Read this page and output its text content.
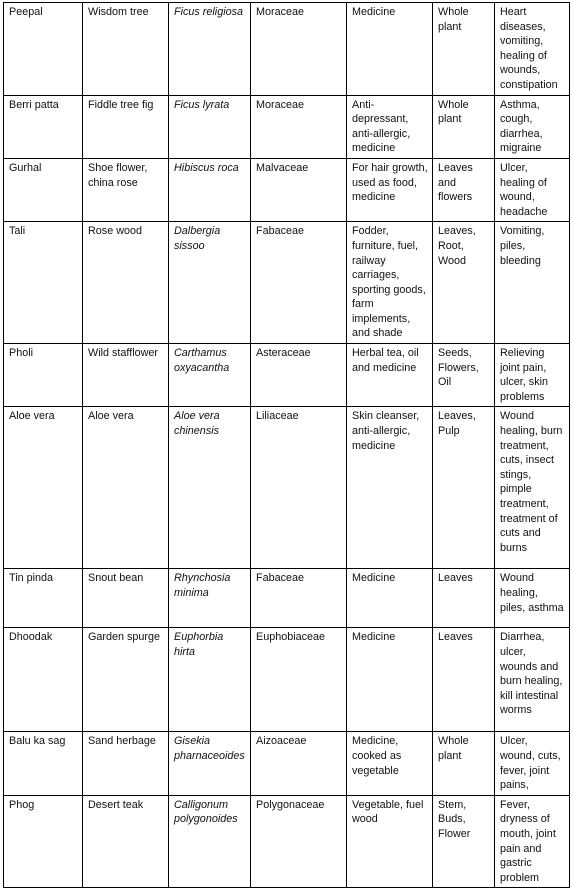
Peepal	Wisdom tree	Ficus religiosa	Moraceae	Medicine	Whole plant	Heart diseases, vomiting, healing of wounds, constipation
Berri patta	Fiddle tree fig	Ficus lyrata	Moraceae	Anti-depressant, anti-allergic, medicine	Whole plant	Asthma, cough, diarrhea, migraine
Gurhal	Shoe flower, china rose	Hibiscus roca	Malvaceae	For hair growth, used as food, medicine	Leaves and flowers	Ulcer, healing of wound, headache
Tali	Rose wood	Dalbergia sissoo	Fabaceae	Fodder, furniture, fuel, railway carriages, sporting goods, farm implements, and shade	Leaves, Root, Wood	Vomiting, piles, bleeding
Pholi	Wild stafflower	Carthamus oxyacantha	Asteraceae	Herbal tea, oil and medicine	Seeds, Flowers, Oil	Relieving joint pain, ulcer, skin problems
Aloe vera	Aloe vera	Aloe vera chinensis	Liliaceae	Skin cleanser, anti-allergic, medicine	Leaves, Pulp	Wound healing, burn treatment, cuts, insect stings, pimple treatment, treatment of cuts and burns
Tin pinda	Snout bean	Rhynchosia minima	Fabaceae	Medicine	Leaves	Wound healing, piles, asthma
Dhoodak	Garden spurge	Euphorbia hirta	Euphobiaceae	Medicine	Leaves	Diarrhea, ulcer, wounds and burn healing, kill intestinal worms
Balu ka sag	Sand herbage	Gisekia pharnaceoides	Aizoaceae	Medicine, cooked as vegetable	Whole plant	Ulcer, wound, cuts, fever, joint pains,
Phog	Desert teak	Calligonum polygonoides	Polygonaceae	Vegetable, fuel wood	Stem, Buds, Flower	Fever, dryness of mouth, joint pain and gastric problem
